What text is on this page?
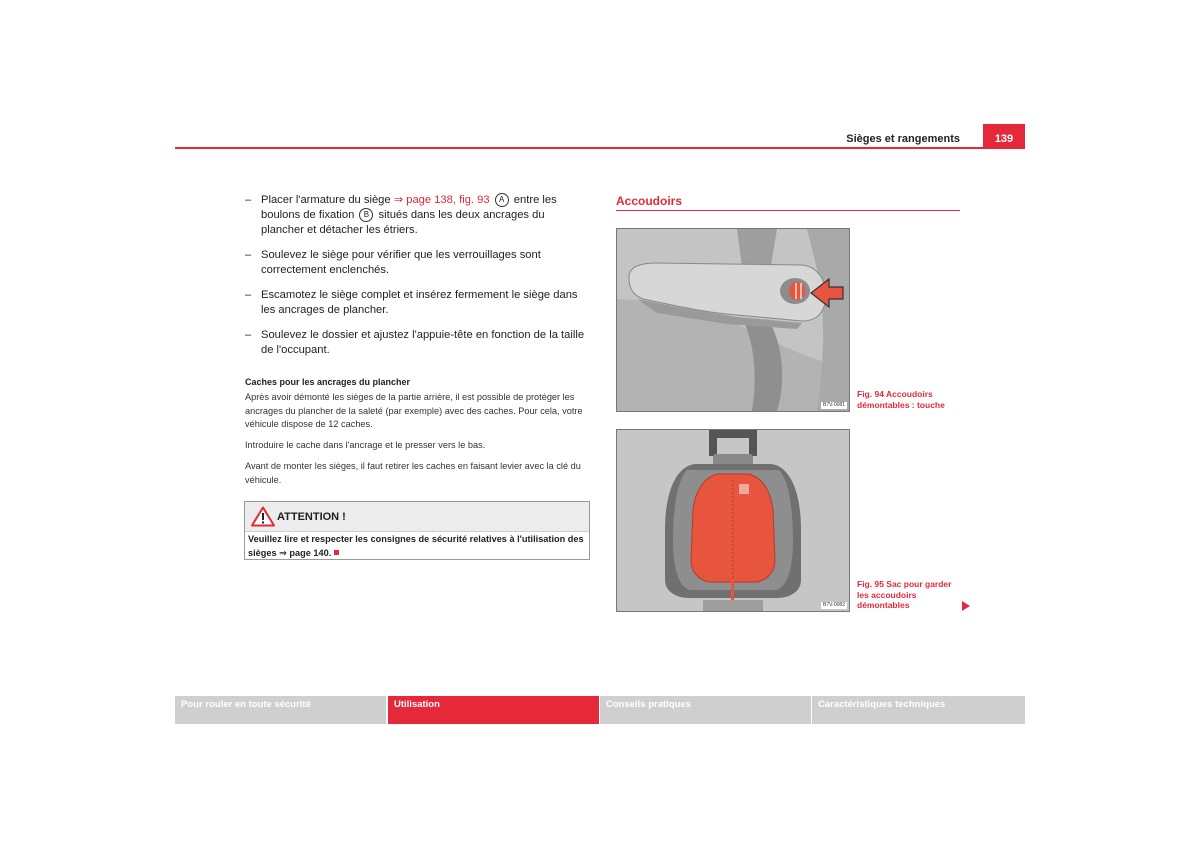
Sièges et rangements	139
– Placer l'armature du siège ⇒ page 138, fig. 93 A entre les boulons de fixation B situés dans les deux ancrages du plancher et détacher les étriers.
– Soulevez le siège pour vérifier que les verrouillages sont correctement enclenchés.
– Escamotez le siège complet et insérez fermement le siège dans les ancrages de plancher.
– Soulevez le dossier et ajustez l'appuie-tête en fonction de la taille de l'occupant.
Caches pour les ancrages du plancher
Après avoir démonté les sièges de la partie arrière, il est possible de protéger les ancrages du plancher de la saleté (par exemple) avec des caches. Pour cela, votre véhicule dispose de 12 caches.
Introduire le cache dans l'ancrage et le presser vers le bas.
Avant de monter les sièges, il faut retirer les caches en faisant levier avec la clé du véhicule.
ATTENTION !
Veuillez lire et respecter les consignes de sécurité relatives à l'utilisation des sièges ⇒ page 140.
Accoudoirs
B7V-0081
Fig. 94 Accoudoirs démontables : touche
B7V-0082
Fig. 95 Sac pour garder les accoudoirs démontables
Pour rouler en toute sécurité	Utilisation	Conseils pratiques	Caractéristiques techniques
